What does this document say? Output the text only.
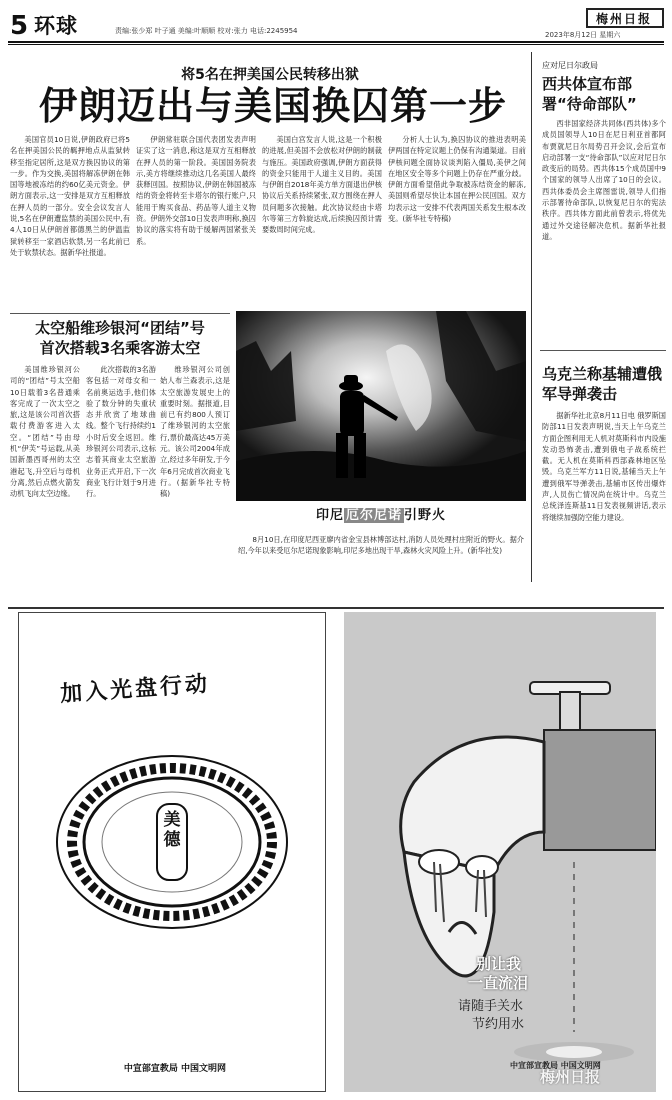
5 环球	责编:张少郑 叶子通 美编:叶顺顺 校对:张力 电话:2245954
梅州日报
2023年8月12日 星期六
将5名在押美国公民转移出狱
伊朗迈出与美国换囚第一步

美国官员10日说,伊朗政府已将5名在押美国公民的羁押地点从监狱转移至指定居所,这是双方换囚协议的第一步。作为交换,美国将解冻伊朗在韩国等地被冻结的约60亿美元资金。伊朗方面表示,这一安排是双方互相释放在押人员的一部分。安全会议发言人说,5名在伊朗遭监禁的美国公民中,有4人10日从伊朗首都德黑兰的伊温监狱转移至一家酒店软禁,另一名此前已处于软禁状态。据新华社报道。

伊朗常驻联合国代表团发表声明证实了这一消息,称这是双方互相释放在押人员的第一阶段。美国国务院表示,美方将继续推动这几名美国人最终获释回国。按照协议,伊朗在韩国被冻结的资金将转至卡塔尔的银行账户,只能用于购买食品、药品等人道主义物资。伊朗外交部10日发表声明称,换囚协议的落实将有助于缓解两国紧张关系。

美国白宫发言人说,这是一个积极的进展,但美国不会放松对伊朗的制裁与施压。美国政府强调,伊朗方面获得的资金只能用于人道主义目的。美国与伊朗自2018年美方单方面退出伊核协议后关系持续紧张,双方围绕在押人员问题多次接触。此次协议经由卡塔尔等第三方斡旋达成,后续换囚预计需要数周时间完成。

分析人士认为,换囚协议的推进表明美伊两国在特定议题上仍保有沟通渠道。目前伊核问题全面协议谈判陷入僵局,美伊之间在地区安全等多个问题上仍存在严重分歧。伊朗方面希望借此争取被冻结资金的解冻,美国则希望尽快让本国在押公民回国。双方均表示这一安排不代表两国关系发生根本改变。(新华社专特稿)

应对尼日尔政局
西共体宣布部署“待命部队”

西非国家经济共同体(西共体)多个成员国领导人10日在尼日利亚首都阿布贾就尼日尔局势召开会议,会后宣布启动部署一支“待命部队”以应对尼日尔政变后的局势。西共体15个成员国中9个国家的领导人出席了10日的会议。西共体委员会主席图雷说,领导人们指示部署待命部队,以恢复尼日尔的宪法秩序。西共体方面此前曾表示,将优先通过外交途径解决危机。据新华社报道。

乌克兰称基辅遭俄军导弹袭击

据新华社北京8月11日电 俄罗斯国防部11日发表声明说,当天上午乌克兰方面企图利用无人机对莫斯科市内设施发动恐怖袭击,遭到俄电子战系统拦截。无人机在莫斯科西部森林地区坠毁。乌克兰军方11日说,基辅当天上午遭到俄军导弹袭击,基辅市区传出爆炸声,人员伤亡情况尚在统计中。乌克兰总统泽连斯基11日发表视频讲话,表示将继续加强防空能力建设。

太空船维珍银河“团结”号
首次搭载3名乘客游太空

美国维珍银河公司的“团结”号太空船10日载着3名普通乘客完成了一次太空之旅,这是该公司首次搭载付费游客进入太空。“团结”号由母机“伊芙”号运载,从美国新墨西哥州的太空港起飞,升空后与母机分离,然后点燃火箭发动机飞向太空边缘。

此次搭载的3名游客包括一对母女和一名前奥运选手,他们体验了数分钟的失重状态并欣赏了地球曲线。整个飞行持续约1小时后安全返回。维珍银河公司表示,这标志着其商业太空旅游业务正式开启,下一次商业飞行计划于9月进行。

维珍银河公司创始人布兰森表示,这是太空旅游发展史上的重要时刻。据报道,目前已有约800人预订了维珍银河的太空旅行,票价最高达45万美元。该公司2004年成立,经过多年研发,于今年6月完成首次商业飞行。(据新华社专特稿)

印尼 厄尔尼诺 引野火

8月10日,在印度尼西亚廖内省金宝县林博部达村,消防人员处理村庄附近的野火。据介绍,今年以来受厄尔尼诺现象影响,印尼多地出现干旱,森林火灾风险上升。(新华社发)

加入光盘行动
美德
中宣部宣教局 中国文明网
别让我
一直流泪
请随手关水
节约用水
中宣部宣教局 中国文明网
梅州日报
